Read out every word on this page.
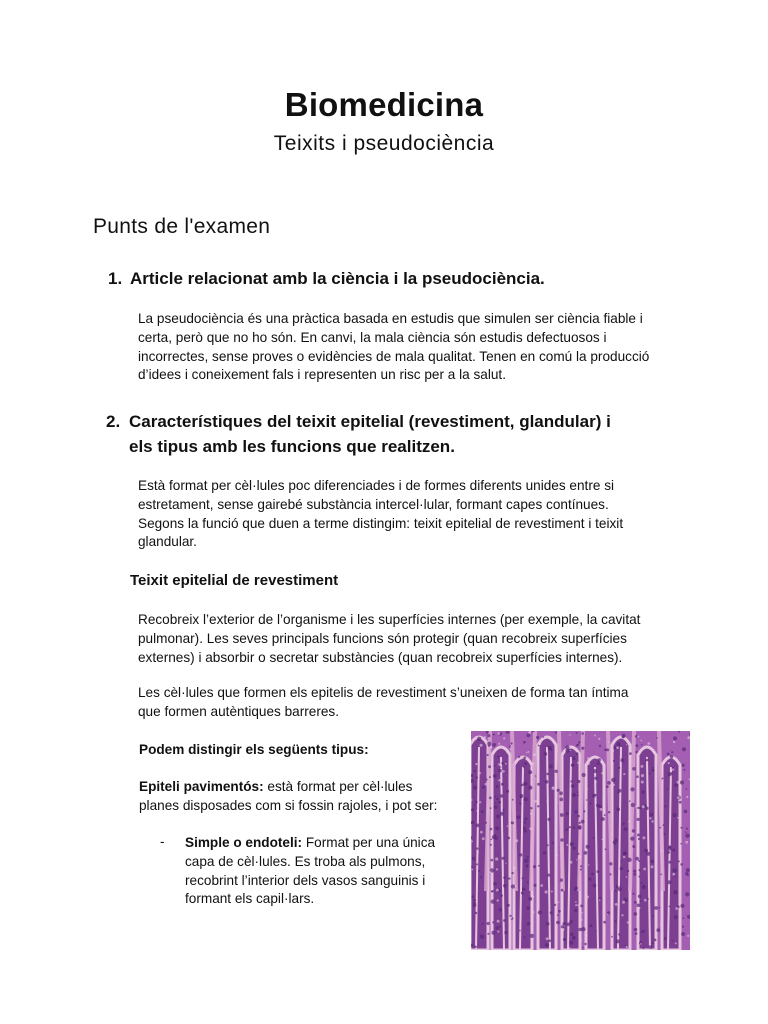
Biomedicina
Teixits i pseudociència
Punts de l'examen
1. Article relacionat amb la ciència i la pseudociència.
La pseudociència és una pràctica basada en estudis que simulen ser ciència fiable i
certa, però que no ho són. En canvi, la mala ciència són estudis defectuosos i
incorrectes, sense proves o evidències de mala qualitat. Tenen en comú la producció
d’idees i coneixement fals i representen un risc per a la salut.
2. Característiques del teixit epitelial (revestiment, glandular) i
els tipus amb les funcions que realitzen.
Està format per cèl·lules poc diferenciades i de formes diferents unides entre si
estretament, sense gairebé substància intercel·lular, formant capes contínues.
Segons la funció que duen a terme distingim: teixit epitelial de revestiment i teixit
glandular.
Teixit epitelial de revestiment
Recobreix l’exterior de l’organisme i les superfícies internes (per exemple, la cavitat
pulmonar). Les seves principals funcions són protegir (quan recobreix superfícies
externes) i absorbir o secretar substàncies (quan recobreix superfícies internes).
Les cèl·lules que formen els epitelis de revestiment s’uneixen de forma tan íntima
que formen autèntiques barreres.
Podem distingir els següents tipus:
Epiteli pavimentós: està format per cèl·lules
planes disposades com si fossin rajoles, i pot ser:
- Simple o endoteli: Format per una única
capa de cèl·lules. Es troba als pulmons,
recobrint l’interior dels vasos sanguinis i
formant els capil·lars.
